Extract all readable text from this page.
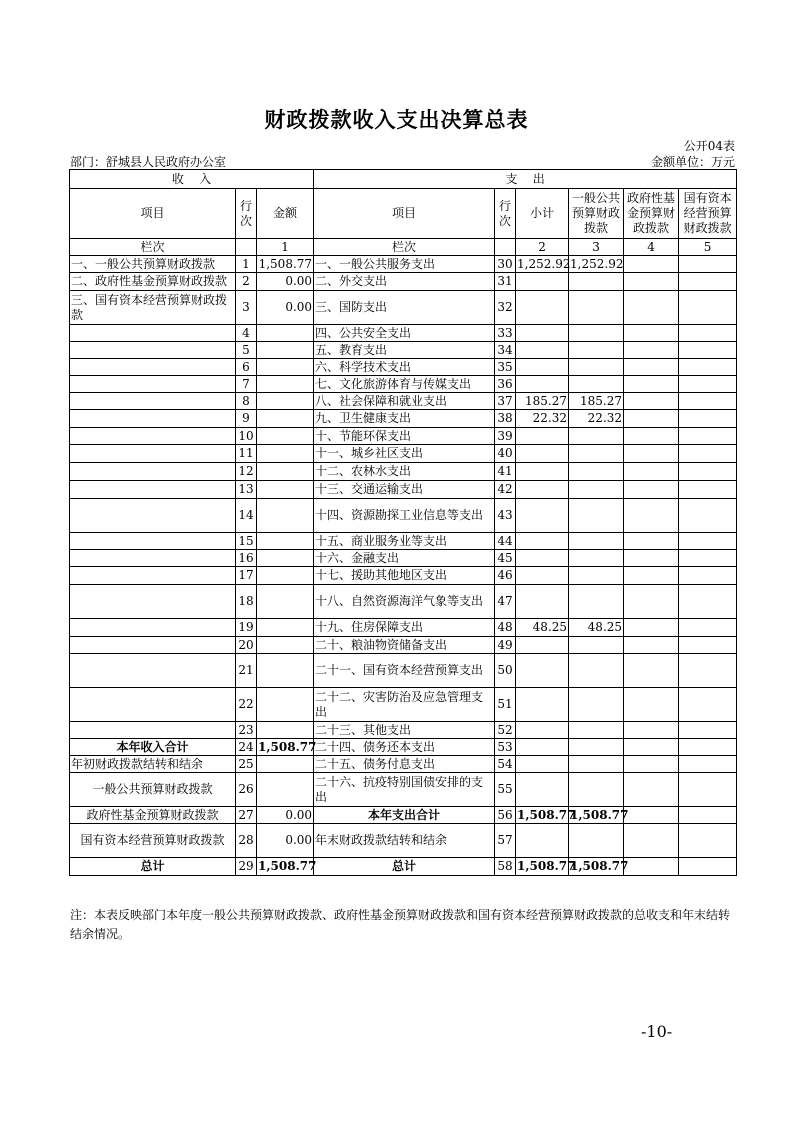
财政拨款收入支出决算总表
公开04表
部门：舒城县人民政府办公室	金额单位：万元
收    入			支    出					
项目	行次	金额	项目	行次	小计	一般公共预算财政拨款	政府性基金预算财政拨款	国有资本经营预算财政拨款
栏次		1	栏次		2	3	4	5
一、一般公共预算财政拨款	1	1,508.77	一、一般公共服务支出	30	1,252.92	1,252.92		
二、政府性基金预算财政拨款	2	0.00	二、外交支出	31				
三、国有资本经营预算财政拨款	3	0.00	三、国防支出	32				
	4		四、公共安全支出	33				
	5		五、教育支出	34				
	6		六、科学技术支出	35				
	7		七、文化旅游体育与传媒支出	36				
	8		八、社会保障和就业支出	37	185.27	185.27		
	9		九、卫生健康支出	38	22.32	22.32		
	10		十、节能环保支出	39				
	11		十一、城乡社区支出	40				
	12		十二、农林水支出	41				
	13		十三、交通运输支出	42				
	14		十四、资源勘探工业信息等支出	43				
	15		十五、商业服务业等支出	44				
	16		十六、金融支出	45				
	17		十七、援助其他地区支出	46				
	18		十八、自然资源海洋气象等支出	47				
	19		十九、住房保障支出	48	48.25	48.25		
	20		二十、粮油物资储备支出	49				
	21		二十一、国有资本经营预算支出	50				
	22		二十二、灾害防治及应急管理支出	51				
	23		二十三、其他支出	52				
本年收入合计	24	1,508.77	二十四、债务还本支出	53				
年初财政拨款结转和结余	25		二十五、债务付息支出	54				
一般公共预算财政拨款	26		二十六、抗疫特别国债安排的支出	55				
政府性基金预算财政拨款	27	0.00	本年支出合计	56	1,508.77	1,508.77		
国有资本经营预算财政拨款	28	0.00	年末财政拨款结转和结余	57				
总计	29	1,508.77	总计	58	1,508.77	1,508.77		
注：本表反映部门本年度一般公共预算财政拨款、政府性基金预算财政拨款和国有资本经营预算财政拨款的总收支和年末结转结余情况。
-10-
